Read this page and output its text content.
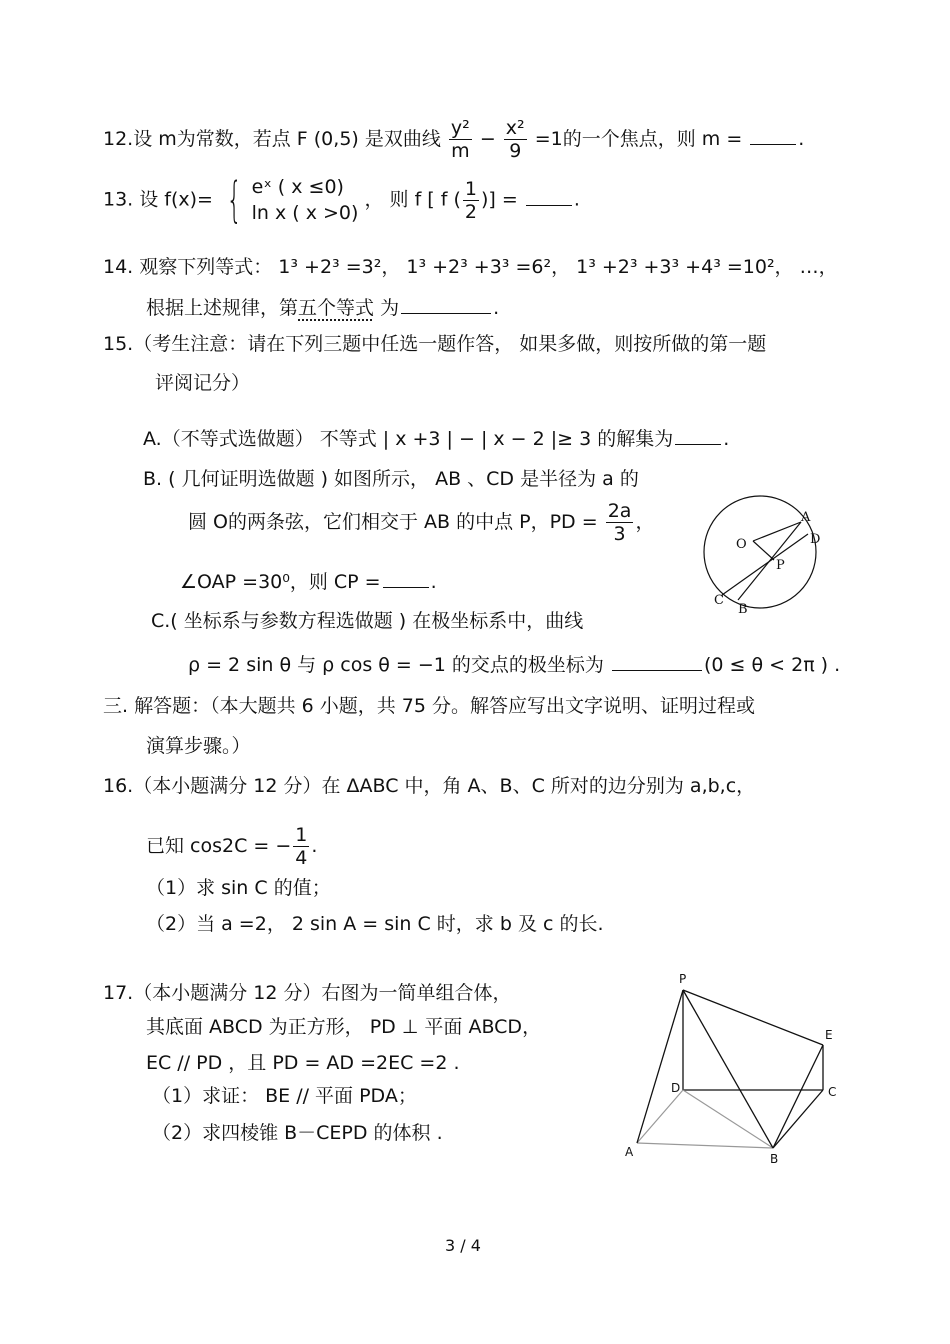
12.设 m为常数，若点 F (0,5) 是双曲线 $\frac{\text{y²}}{m} - \frac{\text{x²}}{9} =1$的一个焦点，则 m =	.
13. 设 f(x)= { eˣ ( x ≤0)
ln x ( x >0)
， 则 f [ f ( $\frac{1}{2}$ )] =	.
14. 观察下列等式： 1³ +2³ =3²， 1³ +2³ +3³ =6²， 1³ +2³ +3³ +4³ =10²， …，
根据上述规律，第五个等式 为	.
15.（考生注意：请在下列三题中任选一题作答， 如果多做，则按所做的第一题
评阅记分）
A.（不等式选做题） 不等式 | x +3 | − | x − 2 |≥ 3 的解集为	.
B. ( 几何证明选做题 ) 如图所示， AB 、CD 是半径为 a 的
圆 O的两条弦，它们相交于 AB 的中点 P，PD = $\frac{2a}{3}$ ，
∠OAP =30⁰，则 CP =	.
A
D
O
P
C
B
C.( 坐标系与参数方程选做题 ) 在极坐标系中，曲线
ρ = 2 sin θ 与 ρ cos θ = −1 的交点的极坐标为	(0 ≤ θ < 2π ) .
三. 解答题：（本大题共 6 小题，共 75 分。解答应写出文字说明、证明过程或
演算步骤。）
16.（本小题满分 12 分）在 ΔABC 中，角 A、B、C 所对的边分别为 a,b,c，
已知 cos2C = − $\frac{1}{4}$ .
（1）求 sin C 的值；
（2）当 a =2， 2 sin A = sin C 时，求 b 及 c 的长.
17.（本小题满分 12 分）右图为一简单组合体，
其底面 ABCD 为正方形， PD ⊥ 平面 ABCD，
EC // PD ，且 PD = AD =2EC =2 .
（1）求证： BE // 平面 PDA；
（2）求四棱锥 B－CEPD 的体积 .
P
E
D	C
A	B
3 / 4
